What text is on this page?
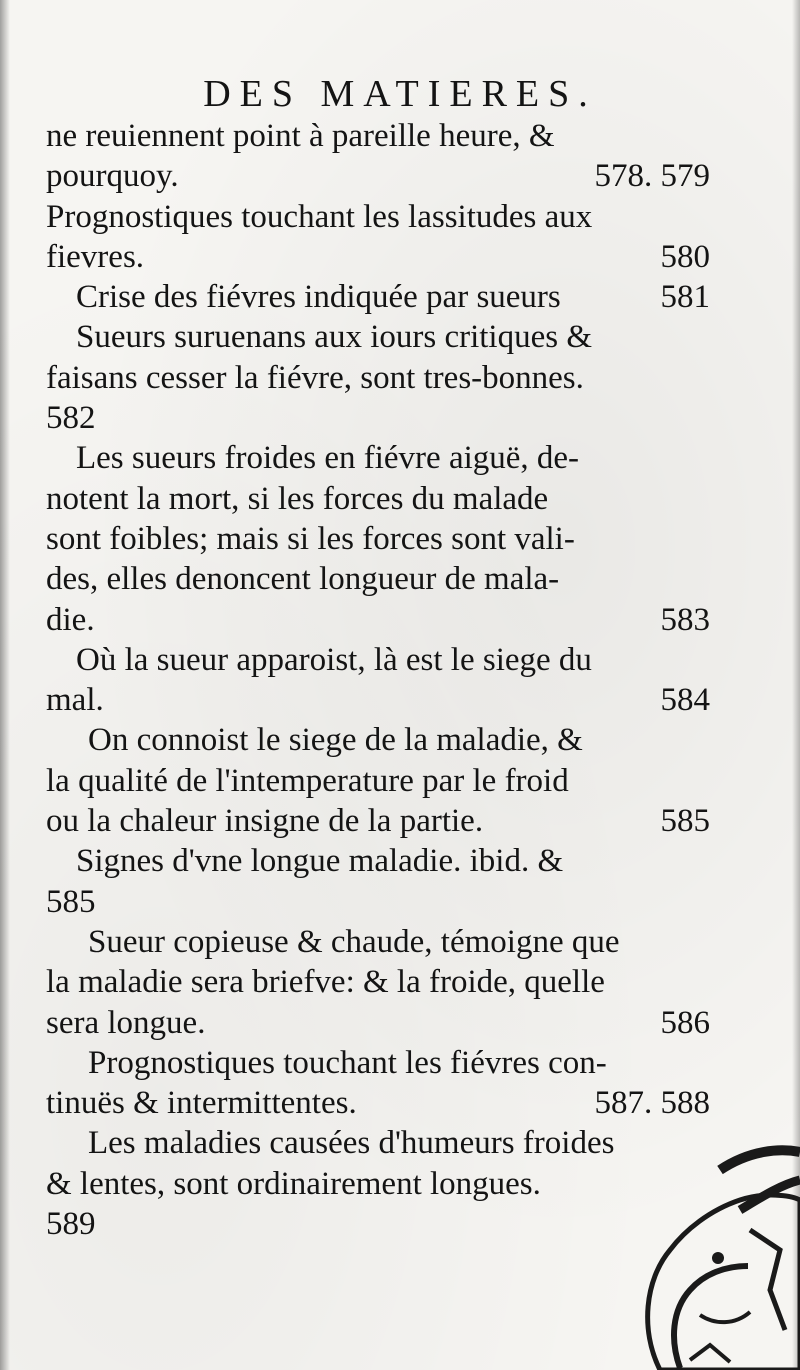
DES MATIERES.
ne reuiennent point à pareille heure, &
pourquoy.	578. 579
Prognostiques touchant les lassitudes aux
fievres.	580
Crise des fiévres indiquée par sueurs	581
Sueurs suruenans aux iours critiques &
faisans cesser la fiévre, sont tres-bonnes.
582
Les sueurs froides en fiévre aiguë, de-
notent la mort, si les forces du malade
sont foibles; mais si les forces sont vali-
des, elles denoncent longueur de mala-
die.	583
Où la sueur apparoist, là est le siege du
mal.	584
On connoist le siege de la maladie, &
la qualité de l'intemperature par le froid
ou la chaleur insigne de la partie.	585
Signes d'vne longue maladie. ibid. &
585
Sueur copieuse & chaude, témoigne que
la maladie sera briefve: & la froide, quelle
sera longue.	586
Prognostiques touchant les fiévres con-
tinuës & intermittentes.	587. 588
Les maladies causées d'humeurs froides
& lentes, sont ordinairement longues.
589
